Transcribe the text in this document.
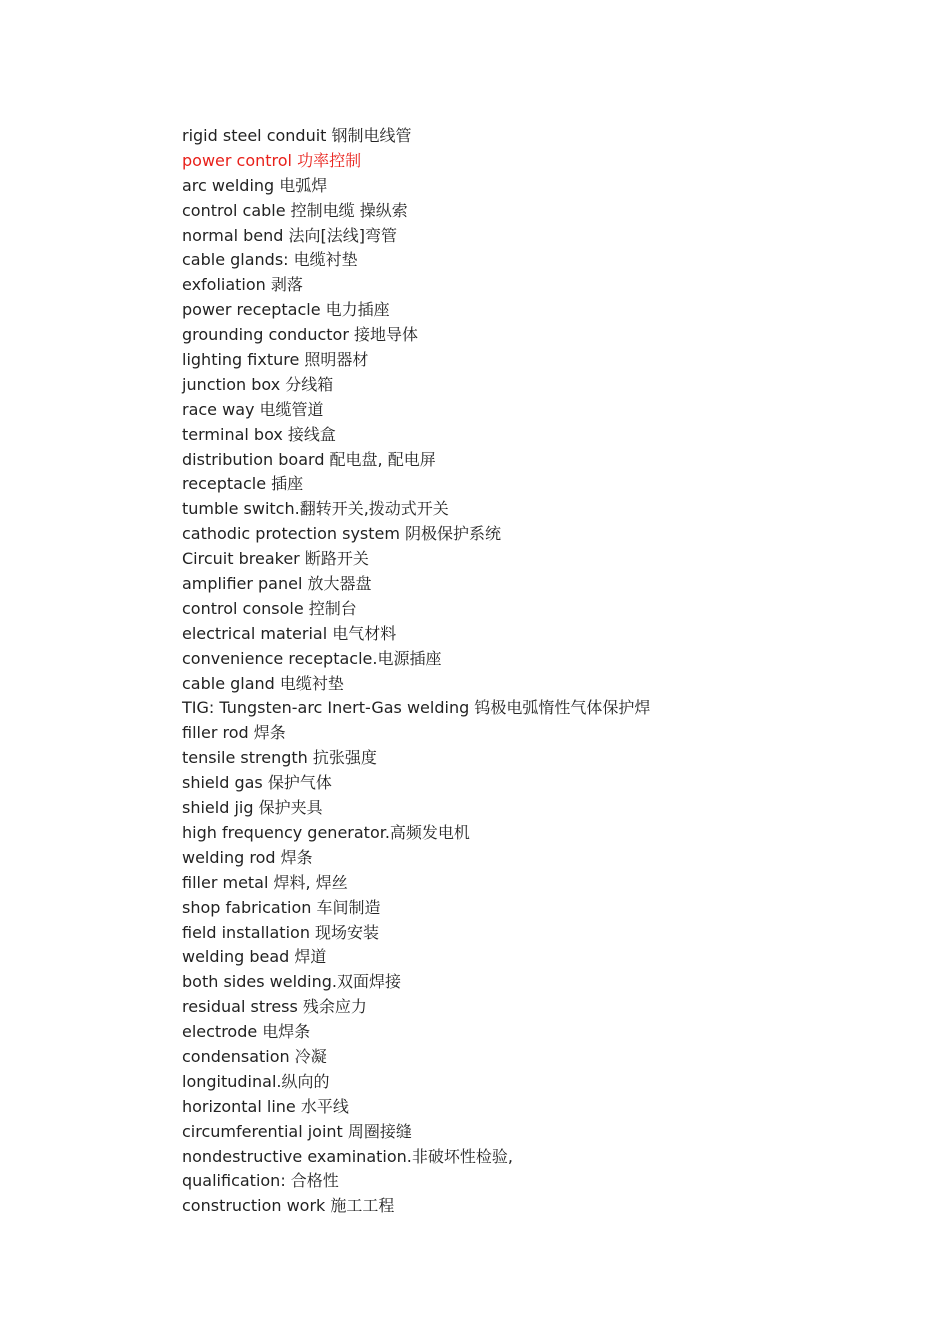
rigid steel conduit 钢制电线管
power control 功率控制
arc welding 电弧焊
control cable 控制电缆 操纵索
normal bend 法向[法线]弯管
cable glands: 电缆衬垫
exfoliation 剥落
power receptacle 电力插座
grounding conductor 接地导体
lighting fixture 照明器材
junction box 分线箱
race way 电缆管道
terminal box 接线盒
distribution board 配电盘, 配电屏
receptacle 插座
tumble switch.翻转开关,拨动式开关
cathodic protection system 阴极保护系统
Circuit breaker 断路开关
amplifier panel 放大器盘
control console 控制台
electrical material 电气材料
convenience receptacle.电源插座
cable gland 电缆衬垫
TIG: Tungsten-arc Inert-Gas welding 钨极电弧惰性气体保护焊
filler rod 焊条
tensile strength 抗张强度
shield gas 保护气体
shield jig 保护夹具
high frequency generator.高频发电机
welding rod 焊条
filler metal 焊料, 焊丝
shop fabrication 车间制造
field installation 现场安装
welding bead 焊道
both sides welding.双面焊接
residual stress 残余应力
electrode 电焊条
condensation 冷凝
longitudinal.纵向的
horizontal line 水平线
circumferential joint 周圈接缝
nondestructive examination.非破坏性检验,
qualification: 合格性
construction work 施工工程
